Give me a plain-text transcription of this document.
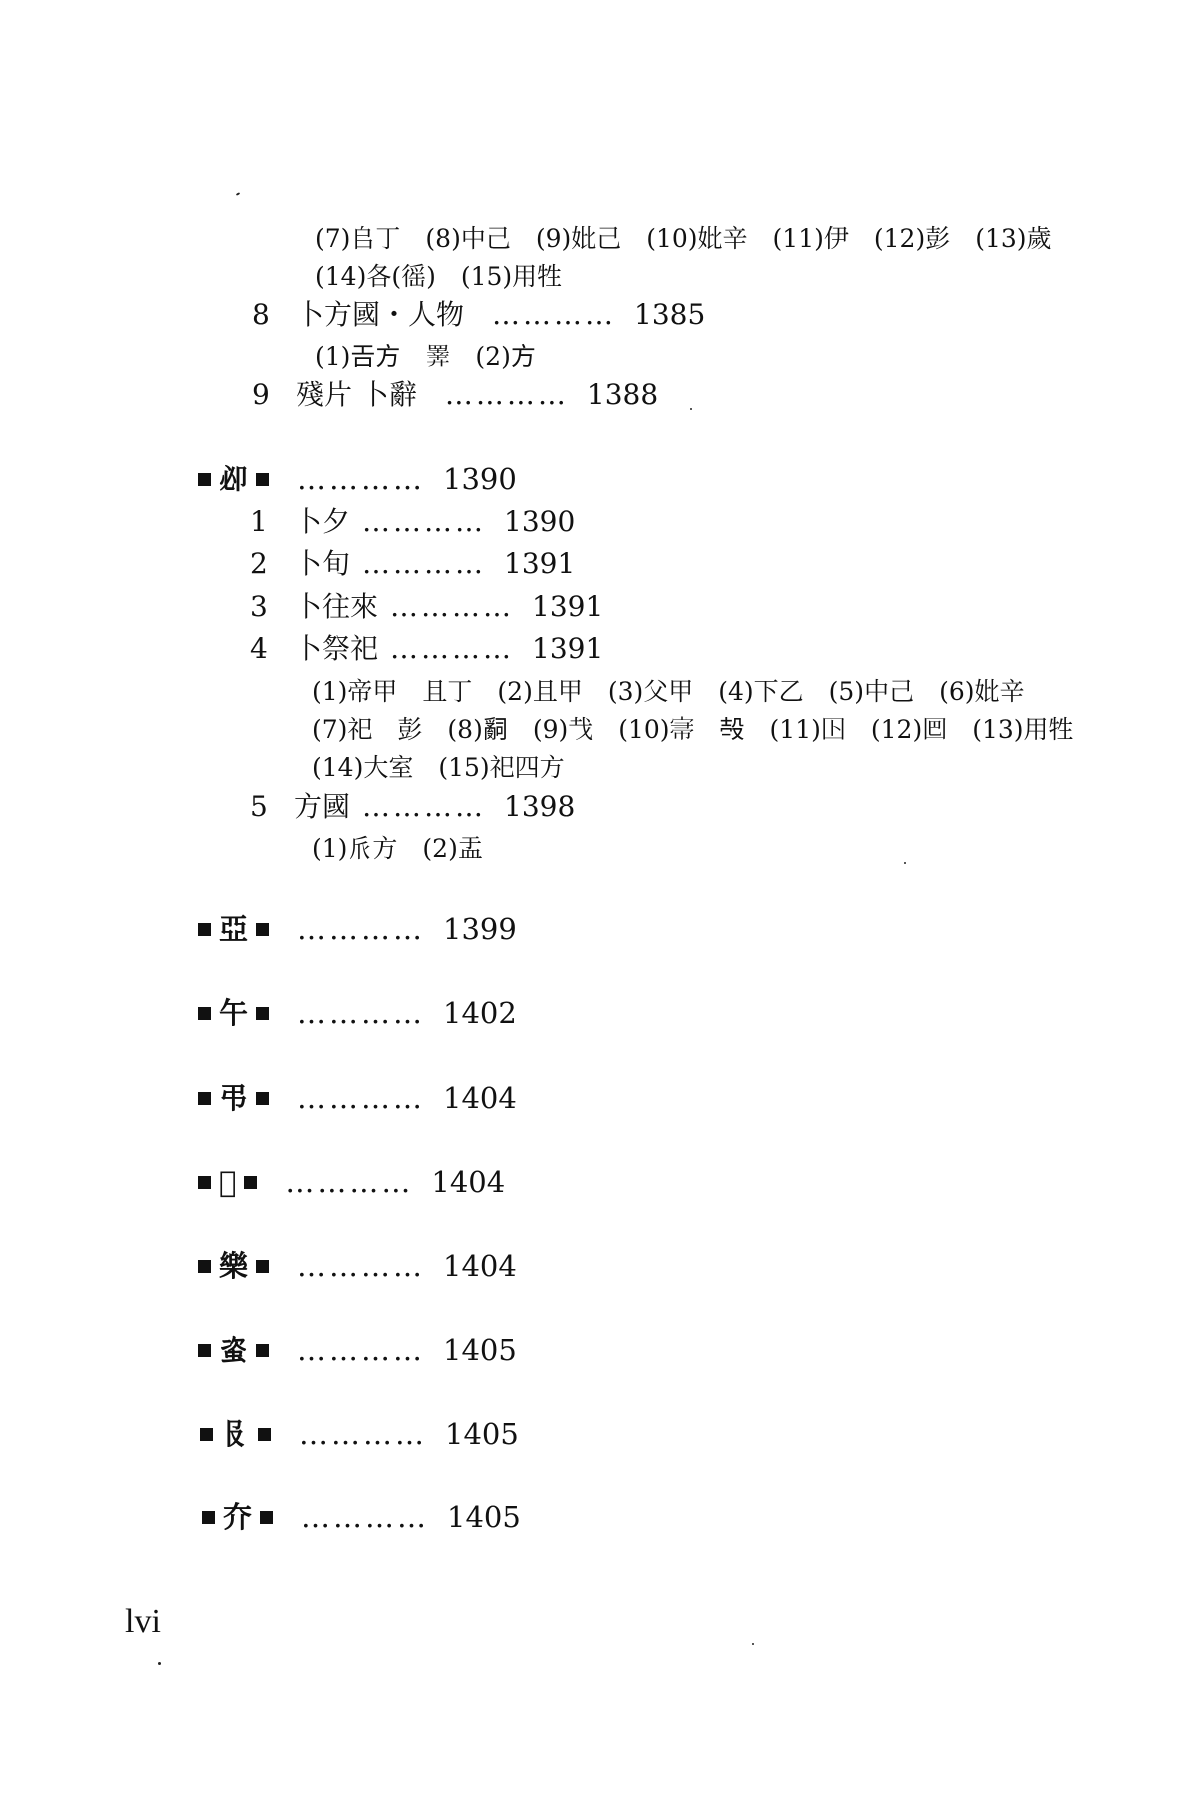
(7)𠂤丁　(8)中己　(9)妣己　(10)妣辛　(11)伊　(12)彭　(13)歲
(14)各(徭)　(15)用牲
8 卜方國・人物 ………… 1385
(1)𢀛方　𢍰　(2)方
9 殘片 卜辭 ………… 1388
𠨘 ………… 1390
1 卜夕 ………… 1390
2 卜旬 ………… 1391
3 卜往來 ………… 1391
4 卜祭祀 ………… 1391
(1)帝甲　且丁　(2)且甲　(3)父甲　(4)下乙　(5)中己　(6)妣辛
(7)祀　彭　(8)𤔲　(9)𢦏　(10)𡨦　𣪊　(11)𡆥　(12)𡇃　(13)用牲
(14)大室　(15)祀四方
5 方國 ………… 1398
(1)𠂢方　(2)盂
亞 ………… 1399
午 ………… 1402
弔 ………… 1404
𡚬 ………… 1404
樂 ………… 1404
𧊒 ………… 1405
𠬝 ………… 1405
夰 ………… 1405
lvi
